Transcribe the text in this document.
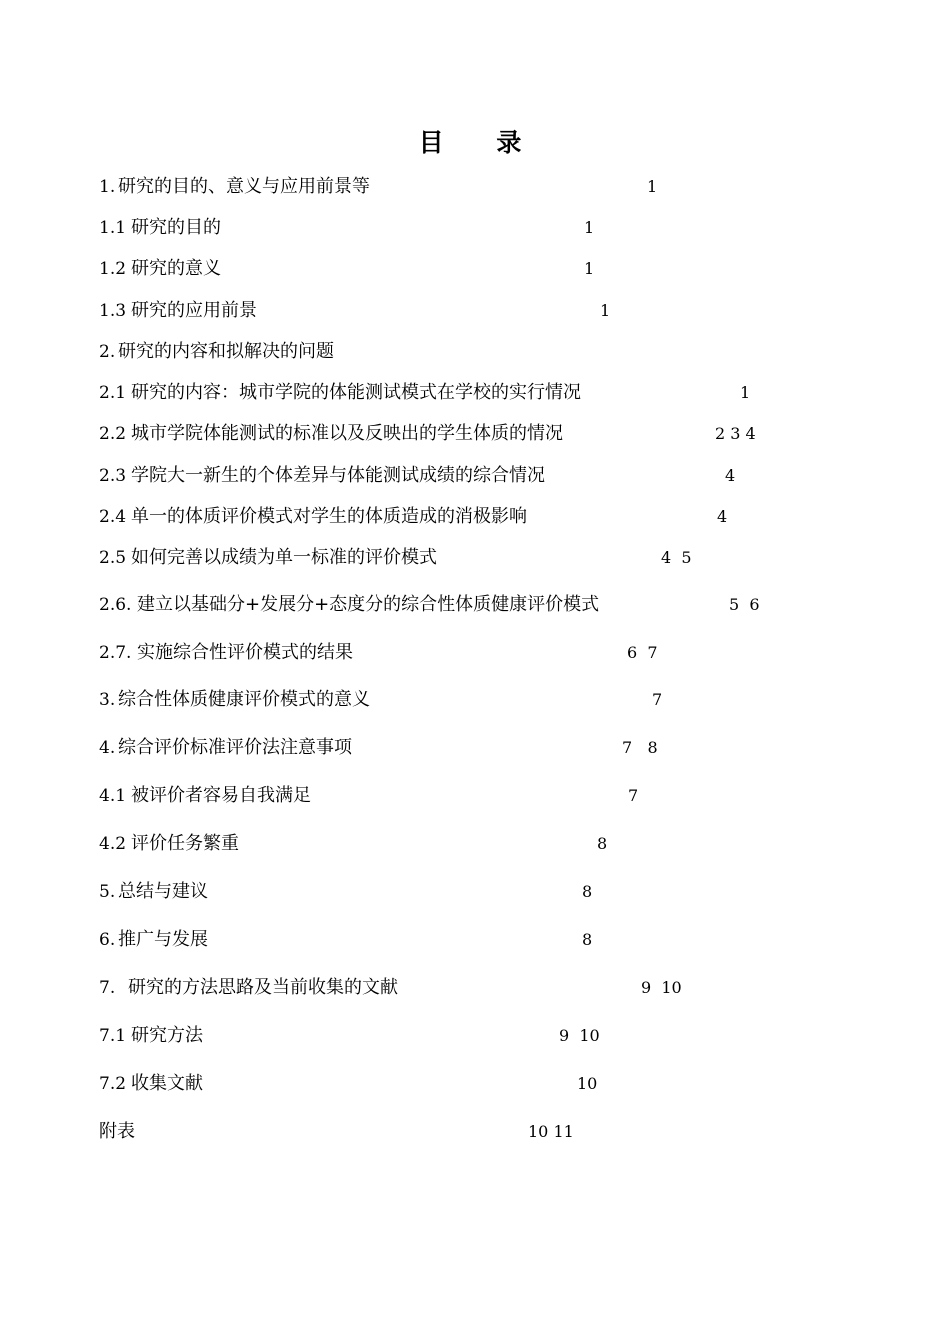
目 录
1. 研究的目的、意义与应用前景等	1
1.1 研究的目的	1
1.2 研究的意义	1
1.3 研究的应用前景	1
2. 研究的内容和拟解决的问题
2.1 研究的内容：城市学院的体能测试模式在学校的实行情况	1
2.2 城市学院体能测试的标准以及反映出的学生体质的情况	2 3 4
2.3 学院大一新生的个体差异与体能测试成绩的综合情况	4
2.4 单一的体质评价模式对学生的体质造成的消极影响	4
2.5 如何完善以成绩为单一标准的评价模式	4  5
2.6. 建立以基础分+发展分+态度分的综合性体质健康评价模式	5  6
2.7. 实施综合性评价模式的结果	6  7
3. 综合性体质健康评价模式的意义	7
4. 综合评价标准评价法注意事项	7   8
4.1 被评价者容易自我满足	7
4.2 评价任务繁重	8
5. 总结与建议	8
6. 推广与发展	8
7. 研究的方法思路及当前收集的文献	9  10
7.1 研究方法	9  10
7.2 收集文献	10
附表	10 11
